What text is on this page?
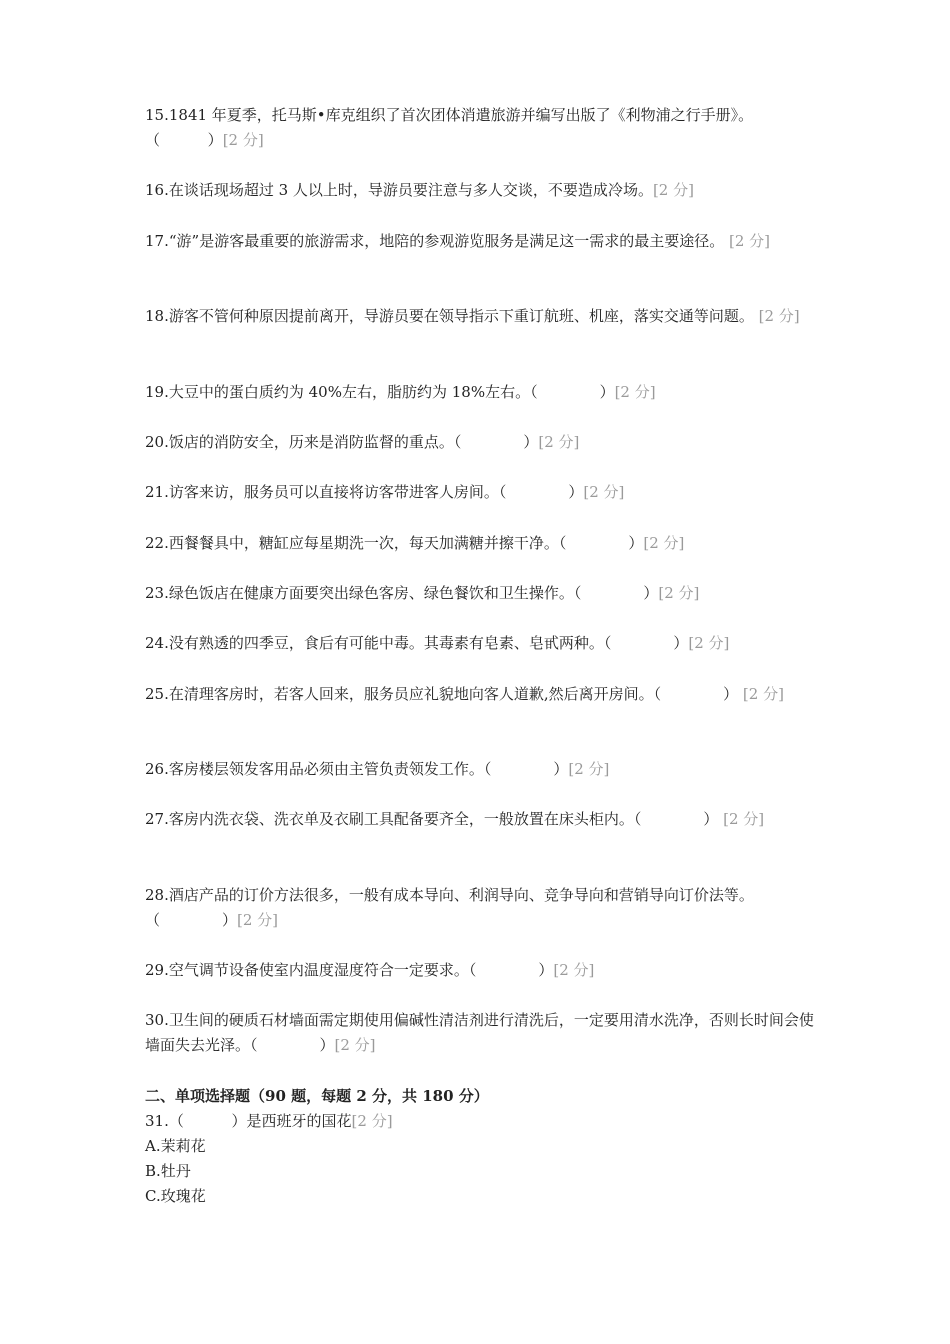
15.1841 年夏季，托马斯•库克组织了首次团体消遣旅游并编写出版了《利物浦之行手册》。 （          ）[2 分]
16.在谈话现场超过 3 人以上时，导游员要注意与多人交谈，不要造成冷场。[2 分]
17.“游”是游客最重要的旅游需求，地陪的参观游览服务是满足这一需求的最主要途径。 [2 分]
18.游客不管何种原因提前离开，导游员要在领导指示下重订航班、机座，落实交通等问题。 [2 分]
19.大豆中的蛋白质约为 40%左右，脂肪约为 18%左右。（             ）[2 分]
20.饭店的消防安全，历来是消防监督的重点。（             ）[2 分]
21.访客来访，服务员可以直接将访客带进客人房间。（             ）[2 分]
22.西餐餐具中，糖缸应每星期洗一次，每天加满糖并擦干净。（             ）[2 分]
23.绿色饭店在健康方面要突出绿色客房、绿色餐饮和卫生操作。（             ）[2 分]
24.没有熟透的四季豆，食后有可能中毒。其毒素有皂素、皂甙两种。（             ）[2 分]
25.在清理客房时，若客人回来，服务员应礼貌地向客人道歉,然后离开房间。（             ） [2 分]
26.客房楼层领发客用品必须由主管负责领发工作。（             ）[2 分]
27.客房内洗衣袋、洗衣单及衣刷工具配备要齐全，一般放置在床头柜内。（             ） [2 分]
28.酒店产品的订价方法很多，一般有成本导向、利润导向、竞争导向和营销导向订价法等。 （             ）[2 分]
29.空气调节设备使室内温度湿度符合一定要求。（             ）[2 分]
30.卫生间的硬质石材墙面需定期使用偏碱性清洁剂进行清洗后，一定要用清水洗净，否则长时间会使墙面失去光泽。（             ）[2 分]
二、单项选择题（90 题，每题 2 分，共 180 分）
31.（          ）是西班牙的国花[2 分]
A.茉莉花
B.牡丹
C.玫瑰花
